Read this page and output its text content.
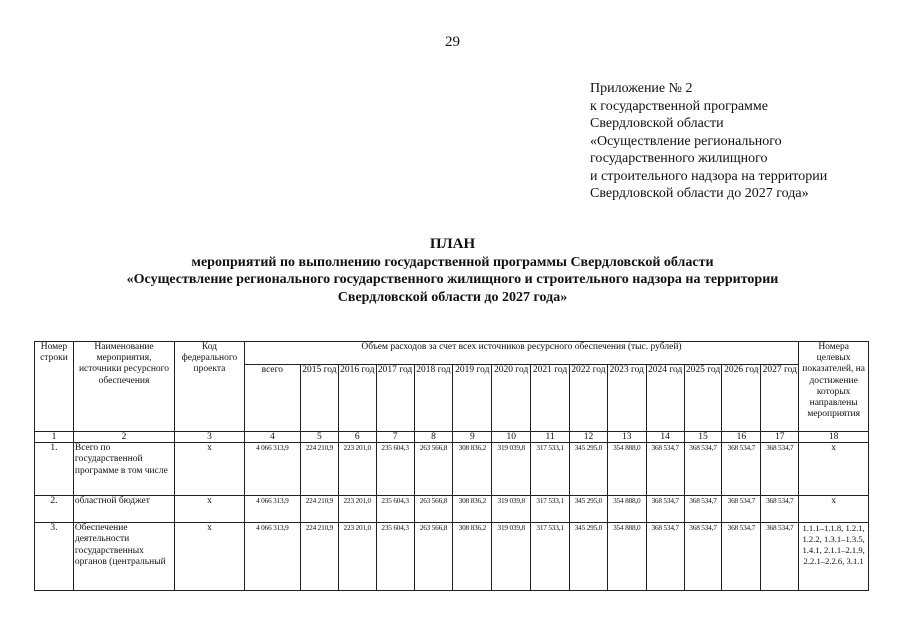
29
Приложение № 2
к государственной программе
Свердловской области
«Осуществление регионального
государственного жилищного
и строительного надзора на территории
Свердловской области до 2027 года»
ПЛАН
мероприятий по выполнению государственной программы Свердловской области
«Осуществление регионального государственного жилищного и строительного надзора на территории
Свердловской области до 2027 года»
Номер строки	Наименование мероприятия, источники ресурсного обеспечения	Код федерального проекта	Объем расходов за счет всех источников ресурсного обеспечения (тыс. рублей)														Номера целевых показателей, на достижение которых направлены мероприятия
			всего	2015 год	2016 год	2017 год	2018 год	2019 год	2020 год	2021 год	2022 год	2023 год	2024 год	2025 год	2026 год	2027 год	
1	2	3	4	5	6	7	8	9	10	11	12	13	14	15	16	17	18
1.	Всего по государственной программе в том числе	х	4 066 313,9	224 210,9	223 201,0	235 604,3	263 566,8	308 836,2	319 039,8	317 533,1	345 295,0	354 888,0	368 534,7	368 534,7	368 534,7	368 534,7	х
2.	областной бюджет	х	4 066 313,9	224 210,9	223 201,0	235 604,3	263 566,8	308 836,2	319 039,8	317 533,1	345 295,0	354 888,0	368 534,7	368 534,7	368 534,7	368 534,7	х
3.	Обеспечение деятельности государственных органов (центральный	х	4 066 313,9	224 210,9	223 201,0	235 604,3	263 566,8	308 836,2	319 039,8	317 533,1	345 295,0	354 888,0	368 534,7	368 534,7	368 534,7	368 534,7	1.1.1–1.1.8, 1.2.1, 1.2.2, 1.3.1–1.3.5, 1.4.1, 2.1.1–2.1.9, 2.2.1–2.2.6, 3.1.1
